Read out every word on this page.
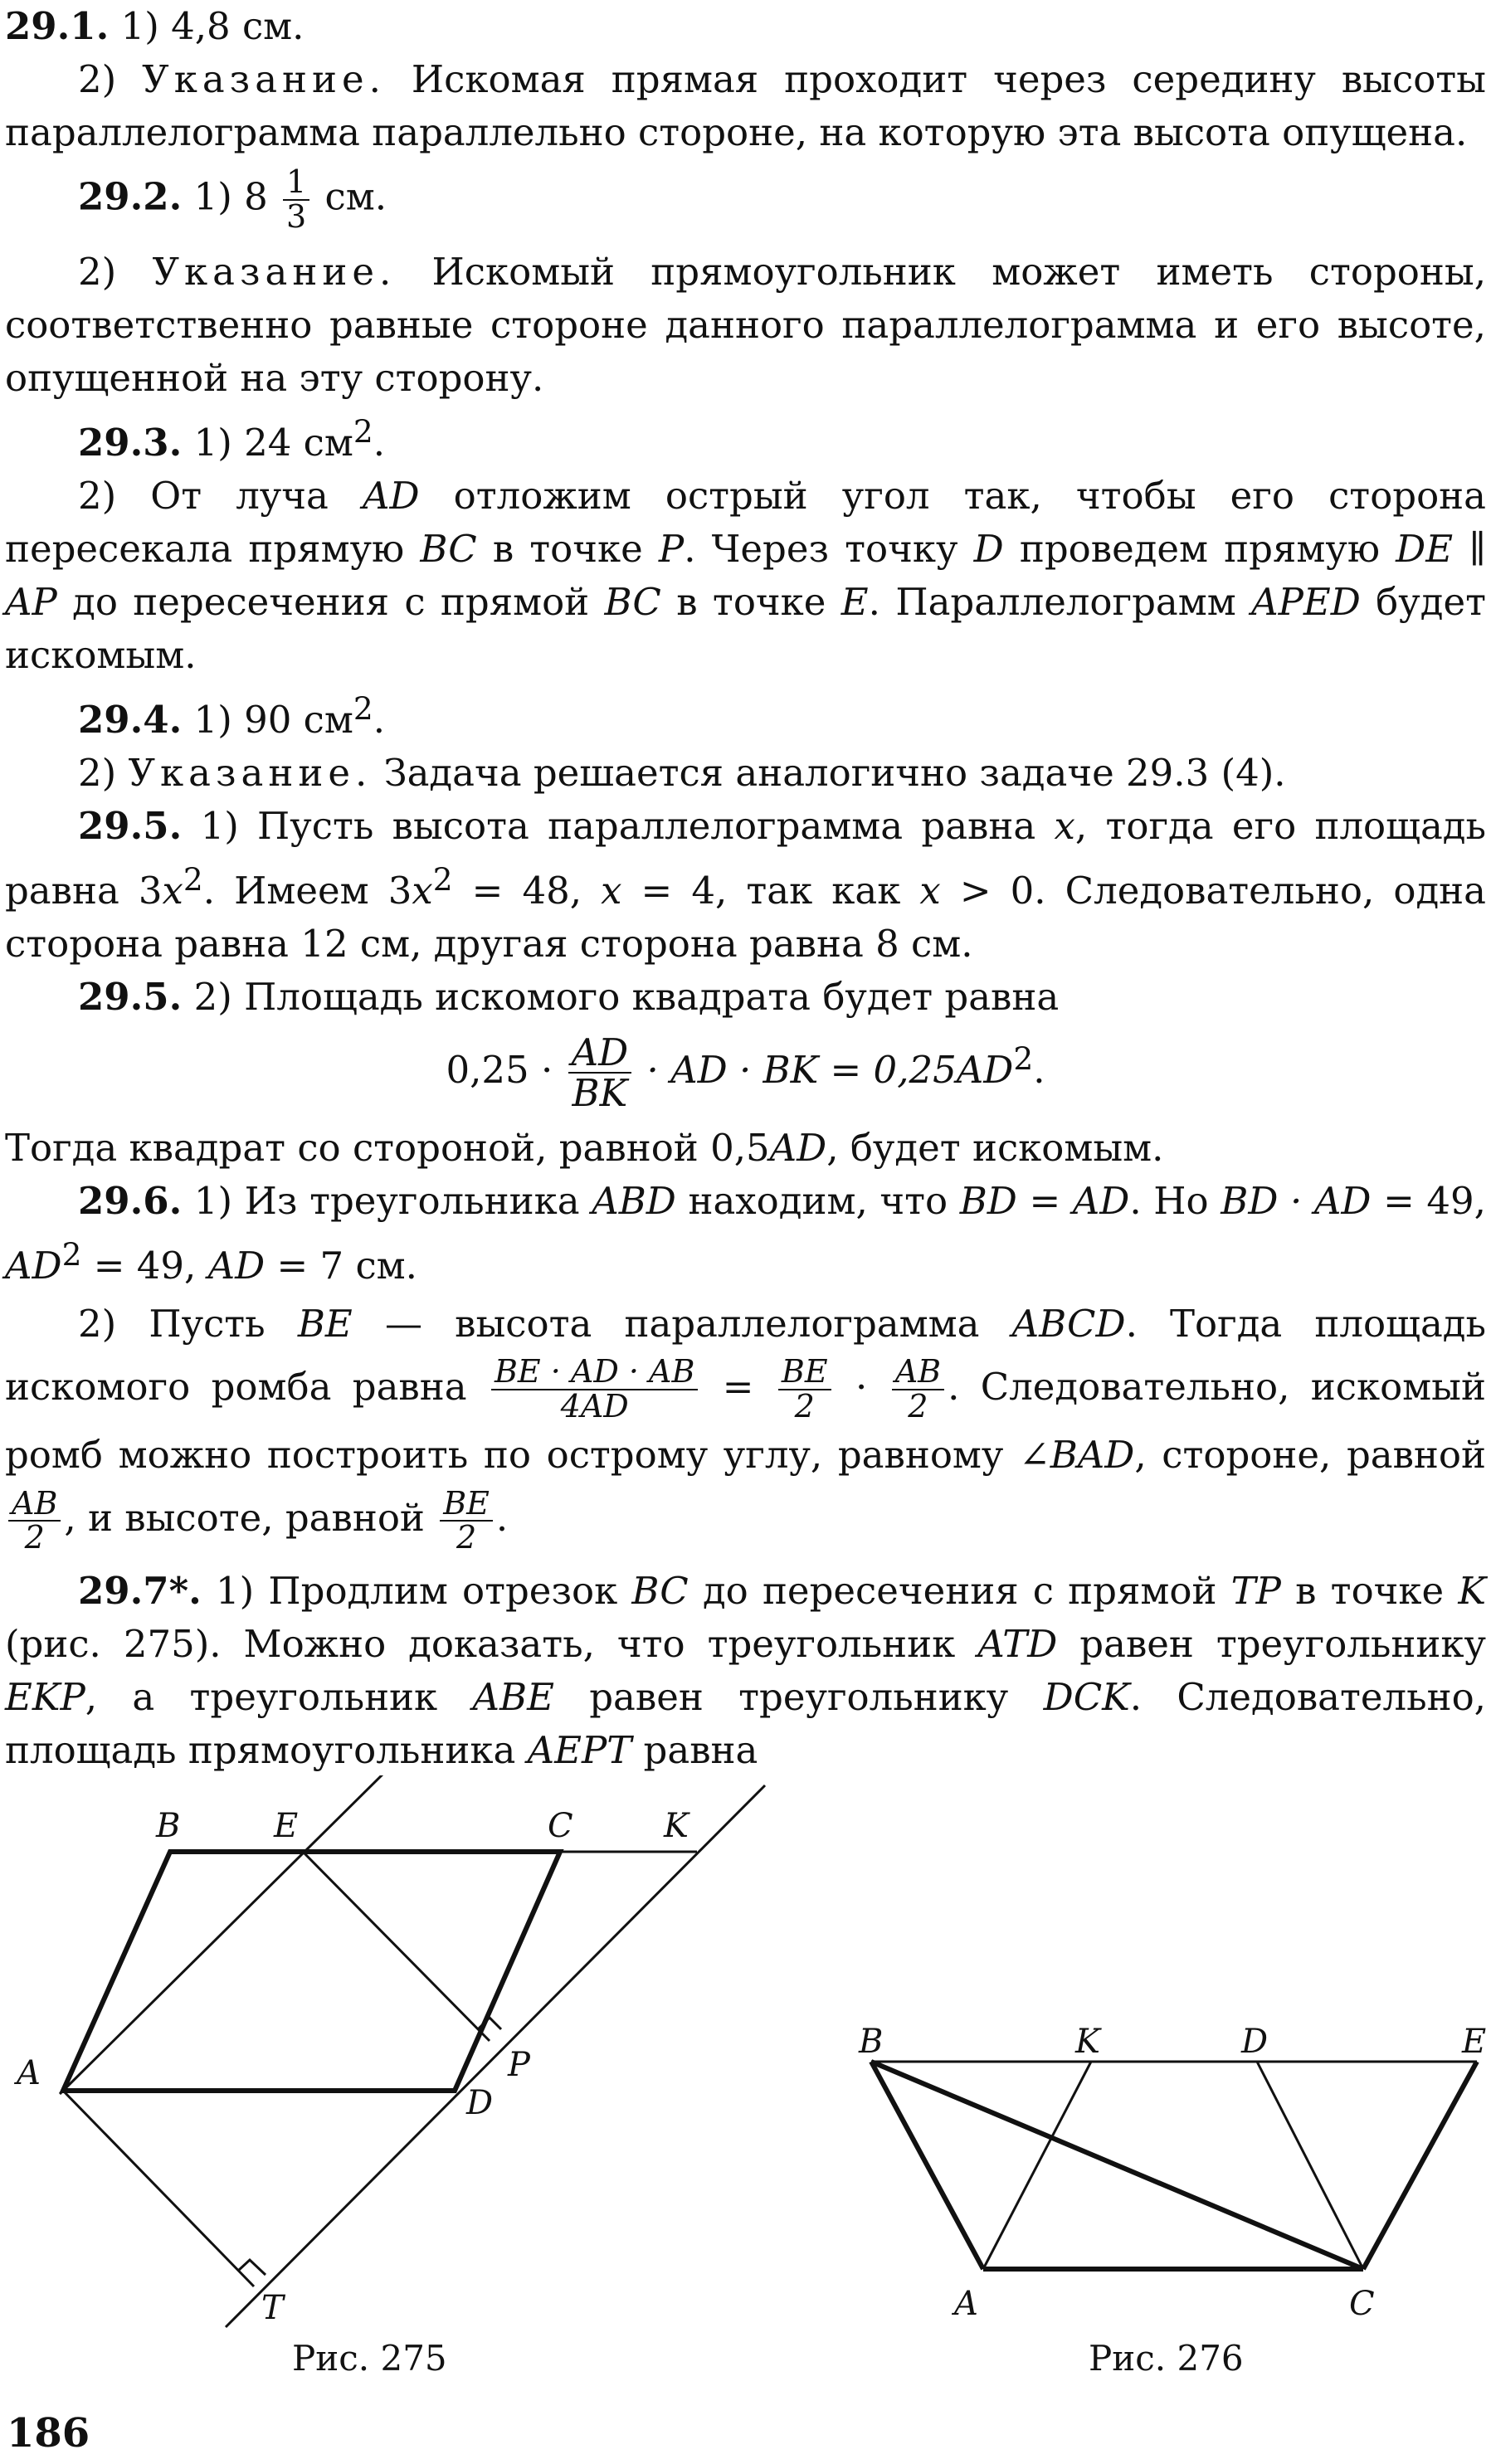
29.1. 1) 4,8 см.

2) Указание. Искомая прямая проходит через середину высоты параллелограмма параллельно стороне, на которую эта высота опущена.

29.2. 1) $8 \frac{1}{3}$ см.

2) Указание. Искомый прямоугольник может иметь стороны, соответственно равные стороне данного параллелограмма и его высоте, опущенной на эту сторону.

29.3. 1) 24 $см^2$.

2) От луча AD отложим острый угол так, чтобы его сторона пересекала прямую BC в точке P. Через точку D проведем прямую DE ∥ AP до пересечения с прямой BC в точке E. Параллелограмм APED будет искомым.

29.4. 1) 90 $см^2$.

2) Указание. Задача решается аналогично задаче 29.3 (4).

29.5. 1) Пусть высота параллелограмма равна x, тогда его площадь равна $3x^2$. Имеем $3x^2 = 48$, x = 4, так как x > 0. Следовательно, одна сторона равна 12 см, другая сторона равна 8 см.

29.5. 2) Площадь искомого квадрата будет равна

$0,25 \cdot \frac{AD}{BK}$ · AD · BK = $0,25AD^2$.

Тогда квадрат со стороной, равной 0,5AD, будет искомым.

29.6. 1) Из треугольника ABD находим, что BD = AD. Но BD · AD = 49, $AD^2 = 49$, AD = 7 см.

2) Пусть BE — высота параллелограмма ABCD. Тогда площадь искомого ромба равна $\frac{BE \cdot AD \cdot AB}{4AD} = \frac{BE}{2} \cdot \frac{AB}{2}$ . Следовательно, искомый ромб можно построить по острому углу, равному ∠BAD, стороне, равной
$\frac{AB}{2}$ , и высоте, равной $\frac{BE}{2}$ .

29.7*. 1) Продлим отрезок BC до пересечения с прямой TP в точке K (рис. 275). Можно доказать, что треугольник ATD равен треугольнику EKP, а треугольник ABE равен треугольнику DCK. Следовательно, площадь прямоугольника AEPT равна

B	E	C	K
A	P
D
T
Рис. 275
B	K	D	E
A	C
Рис. 276
186
